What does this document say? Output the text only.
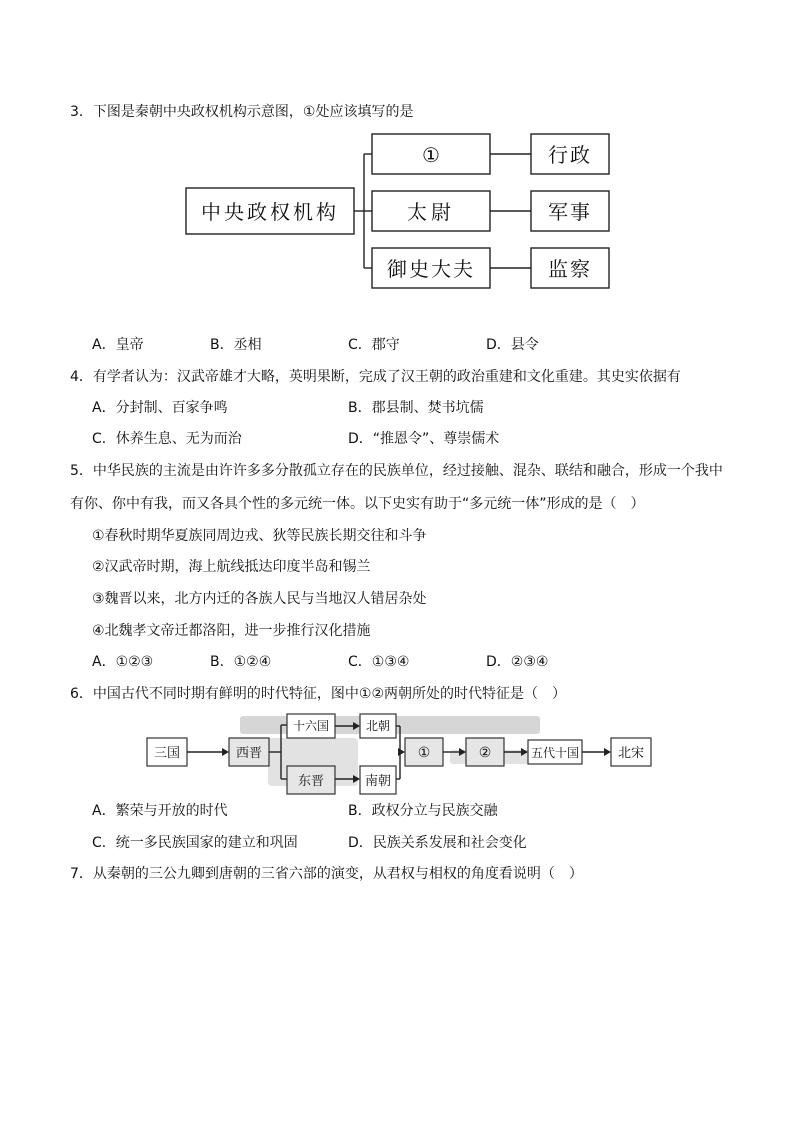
3．下图是秦朝中央政权机构示意图，①处应该填写的是
中央政权机构
①
太尉
御史大夫
行政
军事
监察
A．皇帝	B．丞相	C．郡守	D．县令
4．有学者认为：汉武帝雄才大略，英明果断，完成了汉王朝的政治重建和文化重建。其史实依据有
A．分封制、百家争鸣	B．郡县制、焚书坑儒
C．休养生息、无为而治	D．“推恩令”、尊崇儒术
5．中华民族的主流是由许许多多分散孤立存在的民族单位，经过接触、混杂、联结和融合，形成一个我中
有你、你中有我，而又各具个性的多元统一体。以下史实有助于“多元统一体”形成的是（　）
①春秋时期华夏族同周边戎、狄等民族长期交往和斗争
②汉武帝时期，海上航线抵达印度半岛和锡兰
③魏晋以来，北方内迁的各族人民与当地汉人错居杂处
④北魏孝文帝迁都洛阳，进一步推行汉化措施
A．①②③	B．①②④	C．①③④	D．②③④
6．中国古代不同时期有鲜明的时代特征，图中①②两朝所处的时代特征是（　）
三国	西晋
十六国
东晋
北朝
南朝
①	②	五代十国	北宋
A．繁荣与开放的时代	B．政权分立与民族交融
C．统一多民族国家的建立和巩固	D．民族关系发展和社会变化
7．从秦朝的三公九卿到唐朝的三省六部的演变，从君权与相权的角度看说明（　）
